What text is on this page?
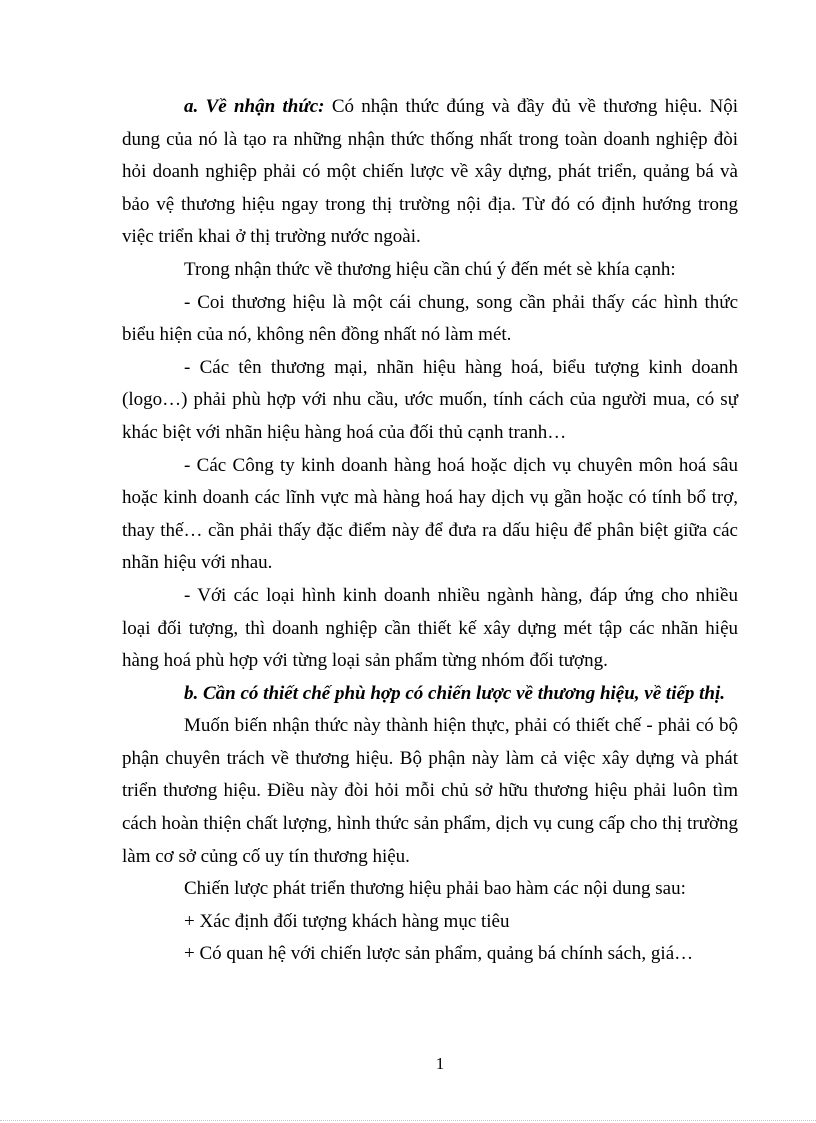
a. Về nhận thức: Có nhận thức đúng và đầy đủ về thương hiệu. Nội dung của nó là tạo ra những nhận thức thống nhất trong toàn doanh nghiệp đòi hỏi doanh nghiệp phải có một chiến lược về xây dựng, phát triển, quảng bá và bảo vệ thương hiệu ngay trong thị trường nội địa. Từ đó có định hướng trong việc triển khai ở thị trường nước ngoài.

Trong nhận thức về thương hiệu cần chú ý đến mét sè khía cạnh:

- Coi thương hiệu là một cái chung, song cần phải thấy các hình thức biểu hiện của nó, không nên đồng nhất nó làm mét.

- Các tên thương mại, nhãn hiệu hàng hoá, biểu tượng kinh doanh (logo…) phải phù hợp với nhu cầu, ước muốn, tính cách của người mua, có sự khác biệt với nhãn hiệu hàng hoá của đối thủ cạnh tranh…

- Các Công ty kinh doanh hàng hoá hoặc dịch vụ chuyên môn hoá sâu hoặc kinh doanh các lĩnh vực mà hàng hoá hay dịch vụ gần hoặc có tính bổ trợ, thay thế… cần phải thấy đặc điểm này để đưa ra dấu hiệu để phân biệt giữa các nhãn hiệu với nhau.

- Với các loại hình kinh doanh nhiều ngành hàng, đáp ứng cho nhiều loại đối tượng, thì doanh nghiệp cần thiết kế xây dựng mét tập các nhãn hiệu hàng hoá phù hợp với từng loại sản phẩm từng nhóm đối tượng.

b. Cần có thiết chế phù hợp có chiến lược về thương hiệu, về tiếp thị.

Muốn biến nhận thức này thành hiện thực, phải có thiết chế - phải có bộ phận chuyên trách về thương hiệu. Bộ phận này làm cả việc xây dựng và phát triển thương hiệu. Điều này đòi hỏi mỗi chủ sở hữu thương hiệu phải luôn tìm cách hoàn thiện chất lượng, hình thức sản phẩm, dịch vụ cung cấp cho thị trường làm cơ sở củng cố uy tín thương hiệu.

Chiến lược phát triển thương hiệu phải bao hàm các nội dung sau:

+ Xác định đối tượng khách hàng mục tiêu

+ Có quan hệ với chiến lược sản phẩm, quảng bá chính sách, giá…

1
